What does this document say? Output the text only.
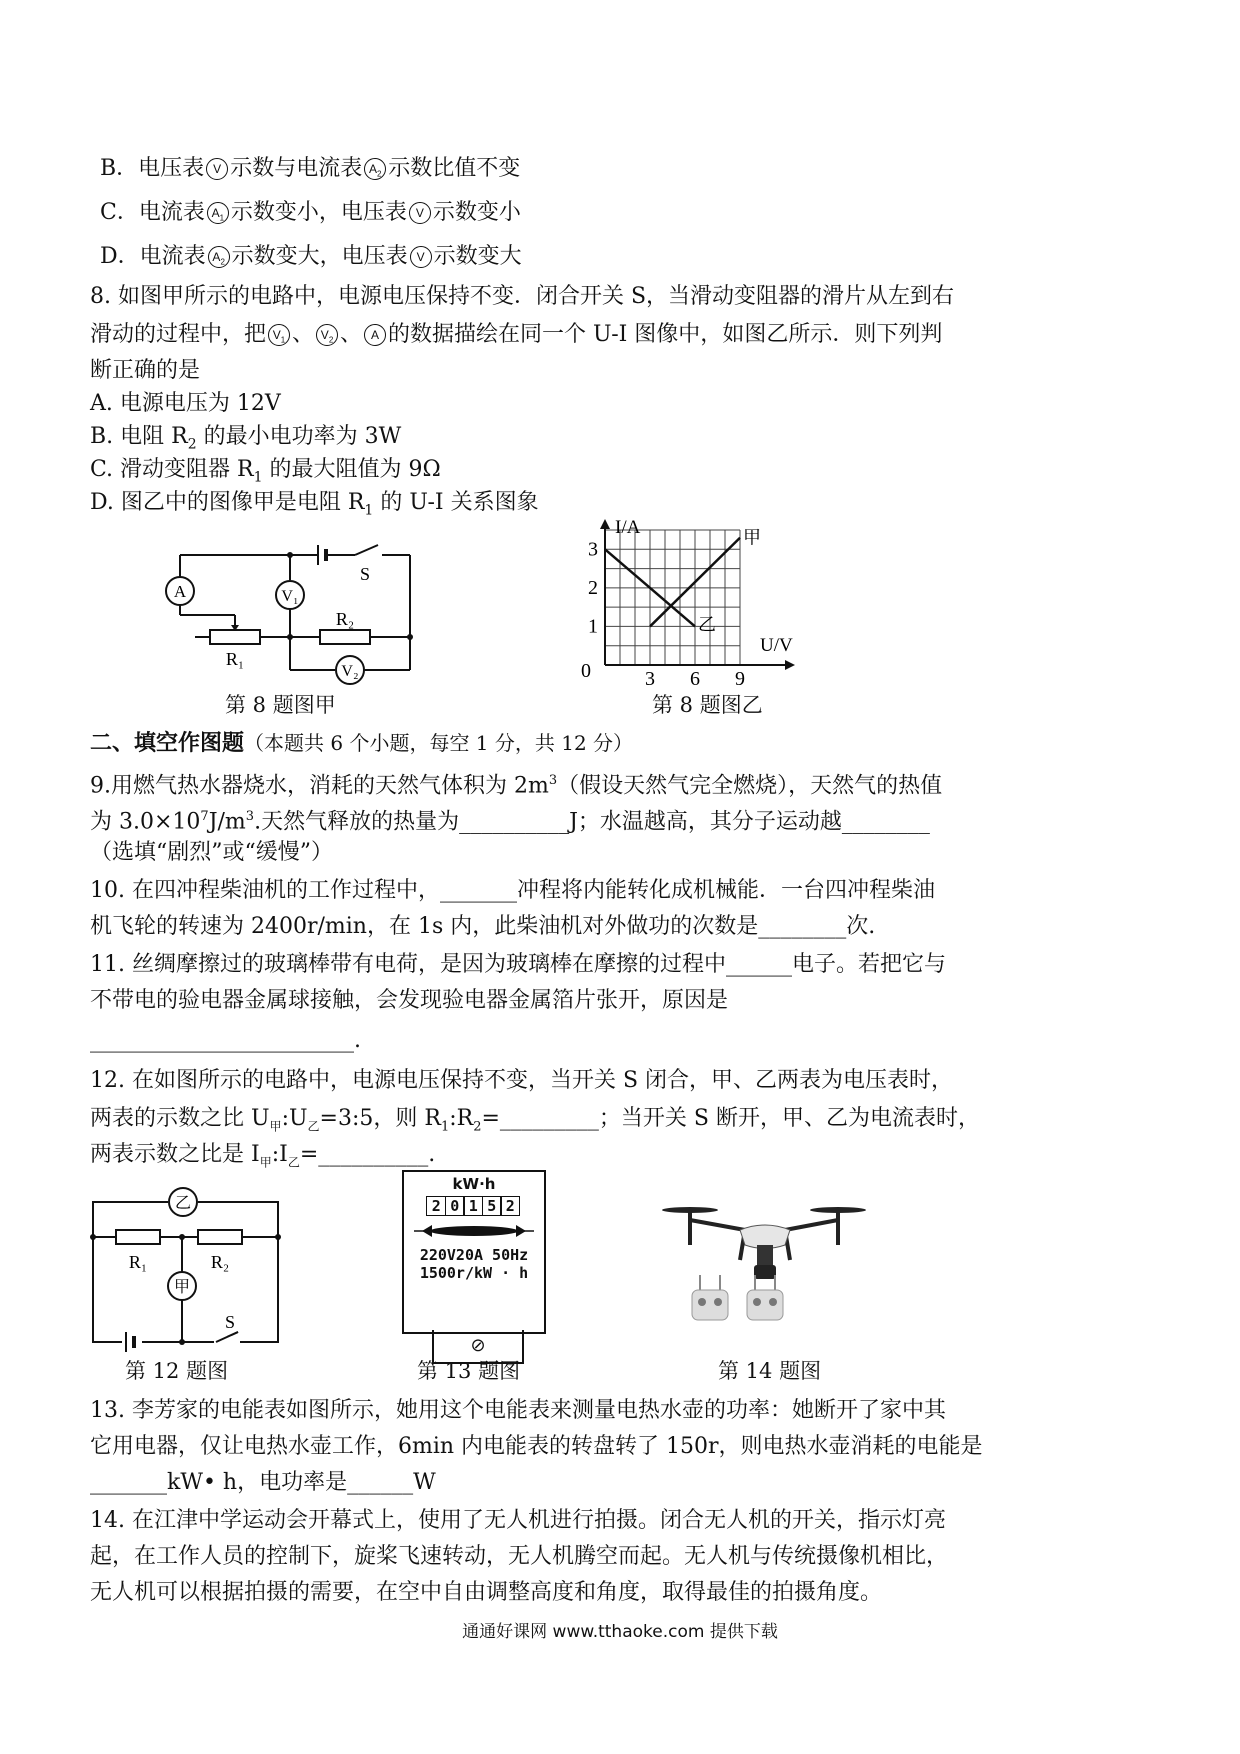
B．电压表 V 示数与电流表 $A_2$ 示数比值不变
C．电流表 $A_1$ 示数变小，电压表 V 示数变小
D．电流表 $A_2$ 示数变大，电压表 V 示数变大
8. 如图甲所示的电路中，电源电压保持不变．闭合开关 S，当滑动变阻器的滑片从左到右
滑动的过程中，把 $V_1$ 、 $V_2$ 、 A 的数据描绘在同一个 U-I 图像中，如图乙所示．则下列判
断正确的是
A. 电源电压为 12V
B. 电阻 $R_2$ 的最小电功率为 3W
C. 滑动变阻器 $R_1$ 的最大阻值为 9Ω
D. 图乙中的图像甲是电阻 $R_1$ 的 U-I 关系图象
A	V₁
V₂
R₁
R₂
S
第 8 题图甲
甲
乙
I/A
U/V
0	3 6 9
1
2
3
第 8 题图乙
二、填空作图题（本题共 6 个小题，每空 1 分，共 12 分）
9.用燃气热水器烧水，消耗的天然气体积为 $2m^3$（假设天然气完全燃烧），天然气的热值
为 $3.0\times 10^7J/m^3$.天然气释放的热量为__________J；水温越高，其分子运动越________
（选填“剧烈”或“缓慢”）
10. 在四冲程柴油机的工作过程中，_______冲程将内能转化成机械能．一台四冲程柴油
机飞轮的转速为 2400r/min，在 1s 内，此柴油机对外做功的次数是________次.
11. 丝绸摩擦过的玻璃棒带有电荷，是因为玻璃棒在摩擦的过程中______电子。若把它与
不带电的验电器金属球接触，会发现验电器金属箔片张开，原因是
________________________.
12. 在如图所示的电路中，电源电压保持不变，当开关 S 闭合，甲、乙两表为电压表时，
两表的示数之比 $U_甲:U_乙=3:5$，则 $R_1:R_2=\_\_\_\_\_\_\_\_\_$；当开关 S 断开，甲、乙为电流表时，
两表示数之比是 $I_甲:I_乙=\_\_\_\_\_\_\_\_\_\_$.
乙
甲
R₁	R₂
S
第 12 题图
kW·h
2 0 1 5 2
220V20A 50Hz
1500r/kW · h
⊘
第 13 题图	第 14 题图
13. 李芳家的电能表如图所示，她用这个电能表来测量电热水壶的功率：她断开了家中其
它用电器，仅让电热水壶工作，6min 内电能表的转盘转了 150r，则电热水壶消耗的电能是
_______kW• h，电功率是______W
14. 在江津中学运动会开幕式上，使用了无人机进行拍摄。闭合无人机的开关，指示灯亮
起，在工作人员的控制下，旋桨飞速转动，无人机腾空而起。无人机与传统摄像机相比，
无人机可以根据拍摄的需要，在空中自由调整高度和角度，取得最佳的拍摄角度。
通通好课网 www.tthaoke.com 提供下载
